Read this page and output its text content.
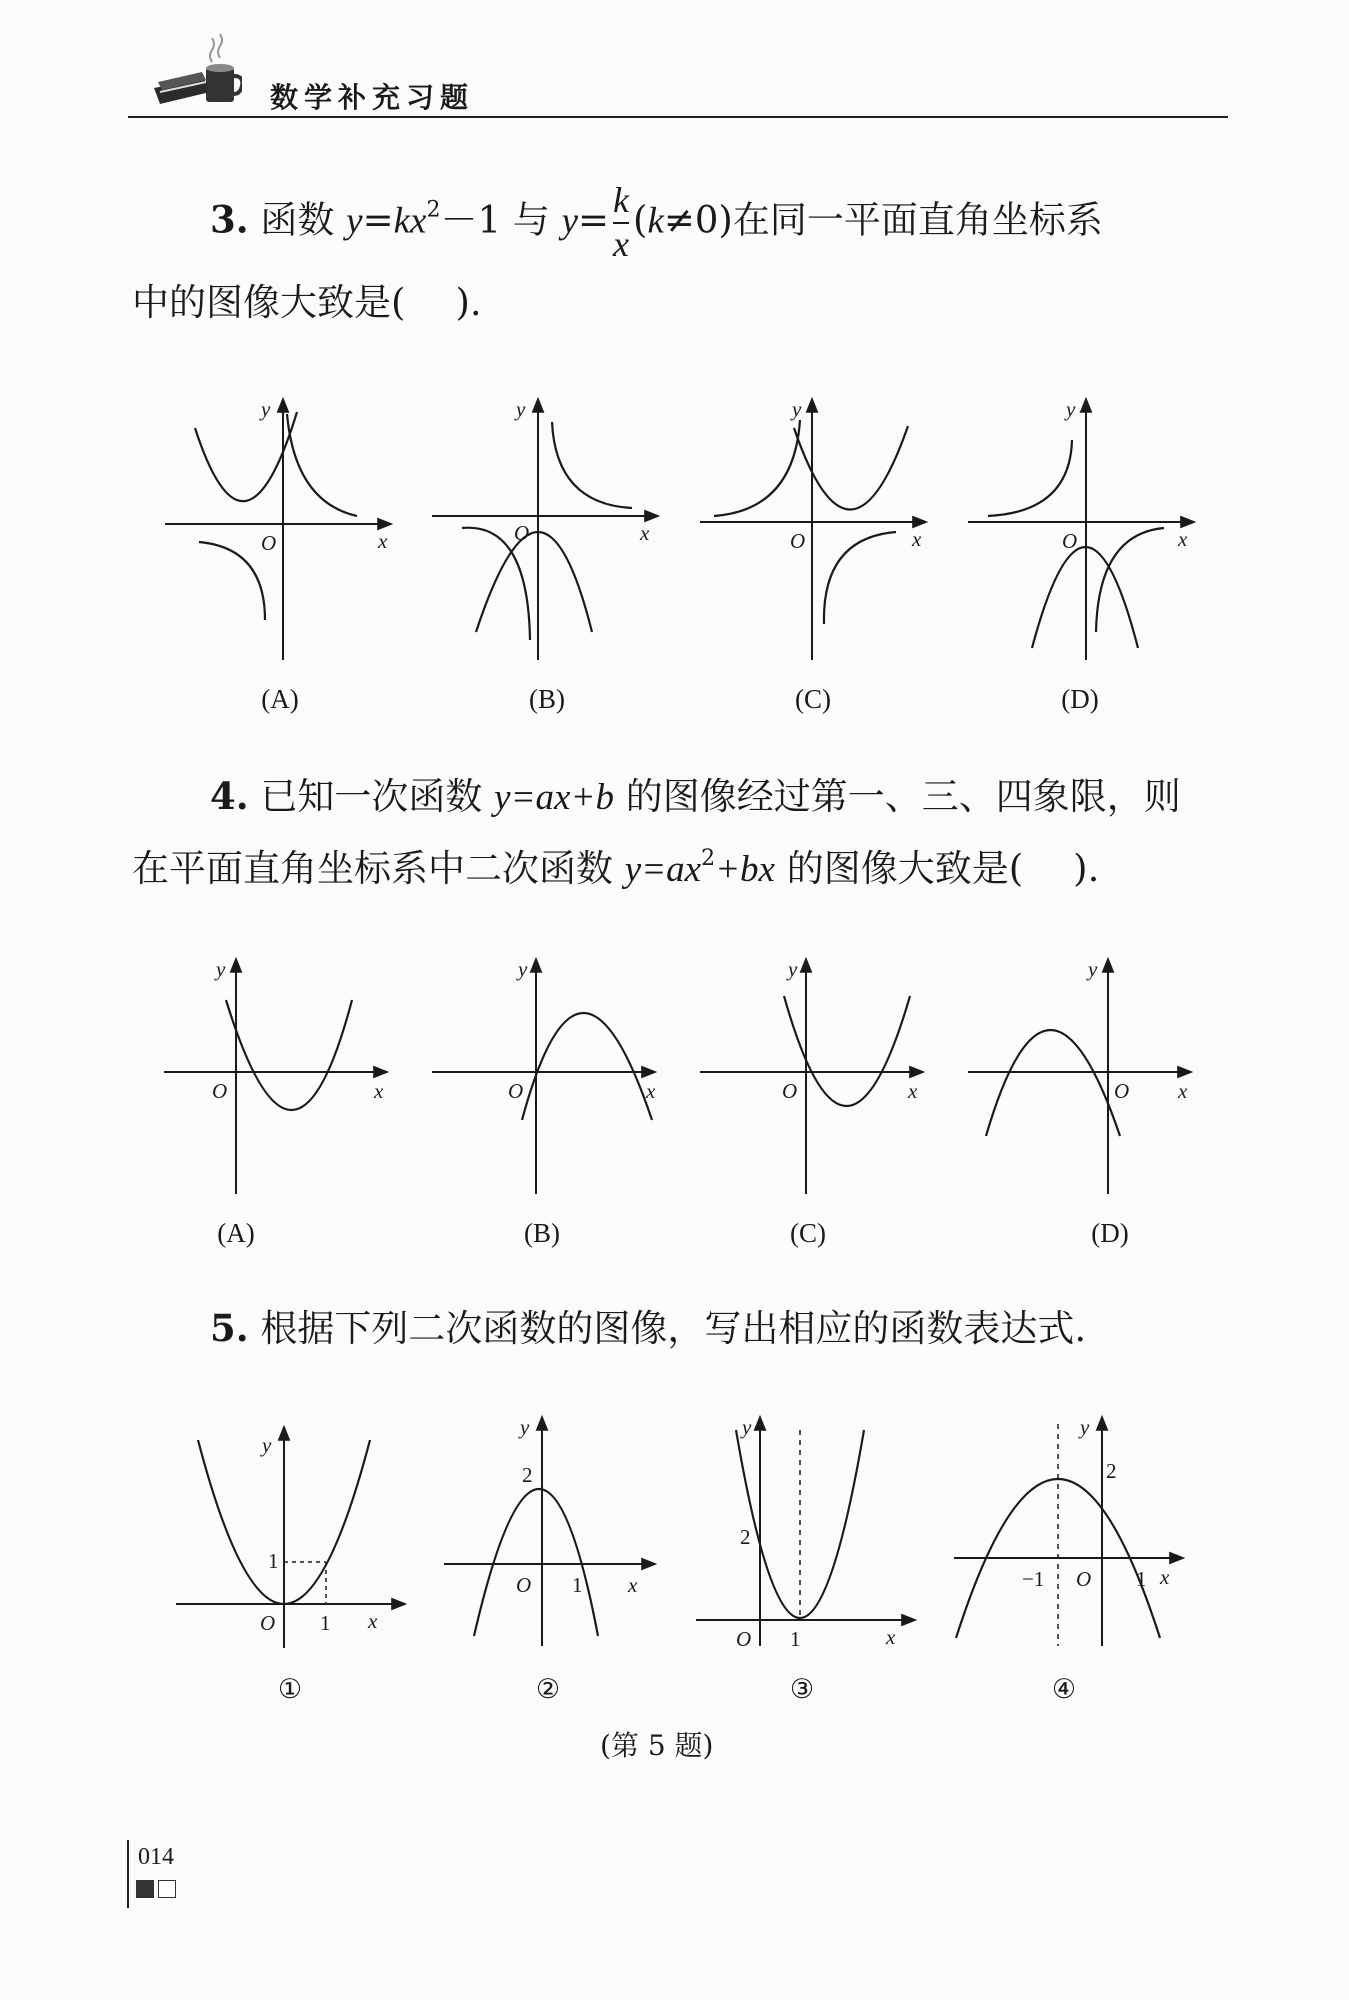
数学补充习题
3. 函数 $y=kx^2-1$ 与 $y= \frac{k}{x} (k\ne 0)$在同一平面直角坐标系
中的图像大致是( ).
y
x
O
y
x
O
y
x
O
y
x
O
(A)	(B)	(C)	(D)
4. 已知一次函数 y=ax+b 的图像经过第一、三、四象限，则
在平面直角坐标系中二次函数 $y=ax^2+bx$ 的图像大致是( ).
y
x
O
y
x
O
y
x
O
y
x
O
(A)	(B)	(C)	(D)
5. 根据下列二次函数的图像，写出相应的函数表达式.
y
x
O
1
1
y
x
O
2
1
y
x
O
2
1
y
x
O
2
−1	1
①	②	③	④
(第 5 题)
014
